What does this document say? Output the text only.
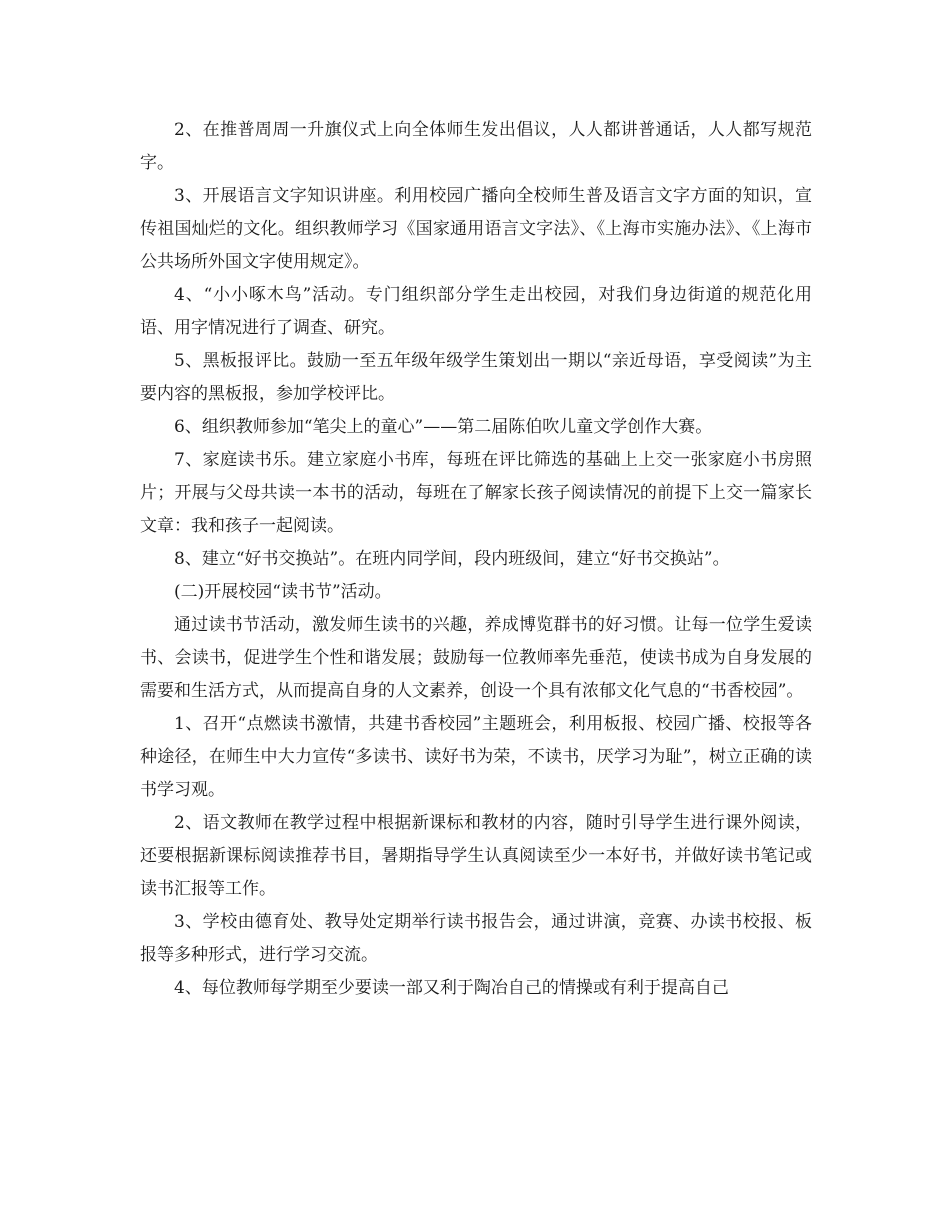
2、在推普周周一升旗仪式上向全体师生发出倡议，人人都讲普通话，人人都写规范字。

3、开展语言文字知识讲座。利用校园广播向全校师生普及语言文字方面的知识，宣传祖国灿烂的文化。组织教师学习《国家通用语言文字法》、《上海市实施办法》、《上海市公共场所外国文字使用规定》。

4、“小小啄木鸟”活动。专门组织部分学生走出校园，对我们身边街道的规范化用语、用字情况进行了调查、研究。

5、黑板报评比。鼓励一至五年级年级学生策划出一期以“亲近母语，享受阅读”为主要内容的黑板报，参加学校评比。

6、组织教师参加“笔尖上的童心”——第二届陈伯吹儿童文学创作大赛。

7、家庭读书乐。建立家庭小书库，每班在评比筛选的基础上上交一张家庭小书房照片；开展与父母共读一本书的活动，每班在了解家长孩子阅读情况的前提下上交一篇家长文章：我和孩子一起阅读。

8、建立“好书交换站”。在班内同学间，段内班级间，建立“好书交换站”。

(二)开展校园“读书节”活动。

通过读书节活动，激发师生读书的兴趣，养成博览群书的好习惯。让每一位学生爱读书、会读书，促进学生个性和谐发展；鼓励每一位教师率先垂范，使读书成为自身发展的需要和生活方式，从而提高自身的人文素养，创设一个具有浓郁文化气息的“书香校园”。

1、召开“点燃读书激情，共建书香校园”主题班会，利用板报、校园广播、校报等各种途径，在师生中大力宣传“多读书、读好书为荣，不读书，厌学习为耻”，树立正确的读书学习观。

2、语文教师在教学过程中根据新课标和教材的内容，随时引导学生进行课外阅读，还要根据新课标阅读推荐书目，暑期指导学生认真阅读至少一本好书，并做好读书笔记或读书汇报等工作。

3、学校由德育处、教导处定期举行读书报告会，通过讲演，竞赛、办读书校报、板报等多种形式，进行学习交流。

4、每位教师每学期至少要读一部又利于陶冶自己的情操或有利于提高自己
